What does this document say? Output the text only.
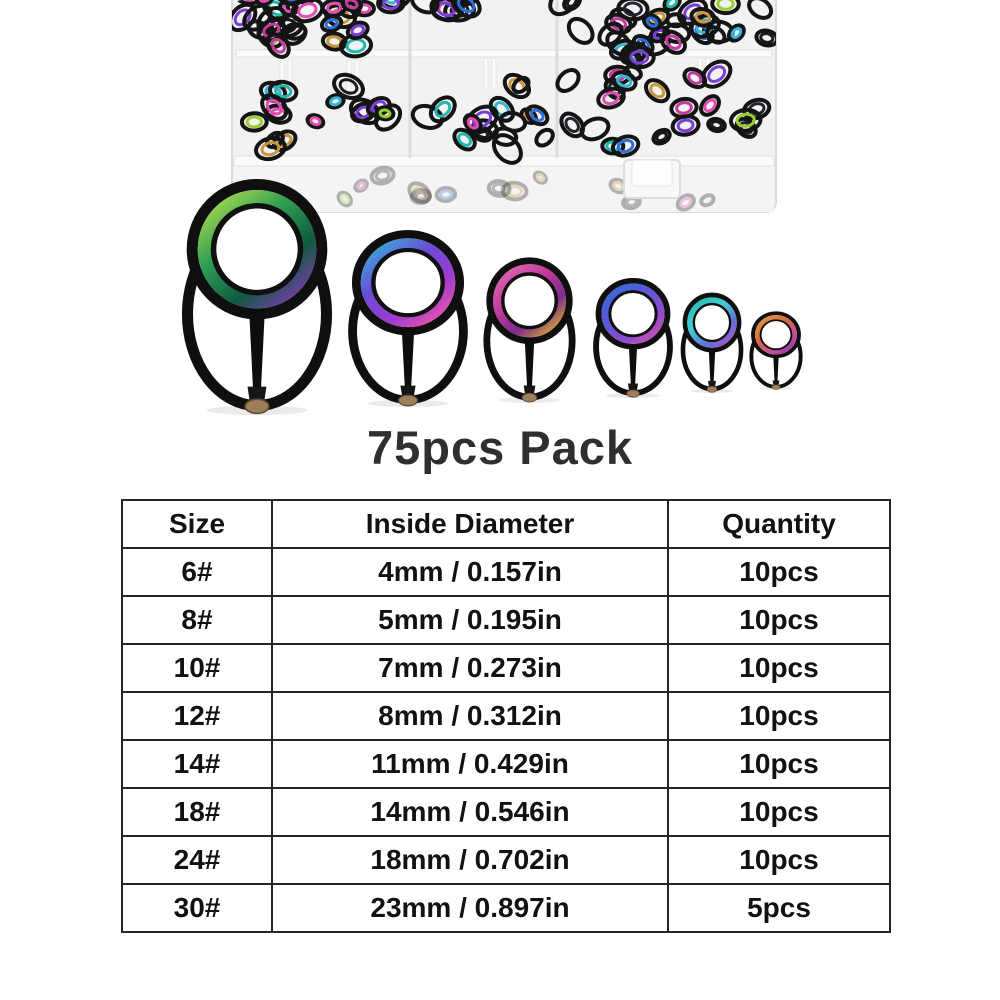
75pcs Pack
Size	Inside Diameter	Quantity
6#	4mm / 0.157in	10pcs
8#	5mm / 0.195in	10pcs
10#	7mm / 0.273in	10pcs
12#	8mm / 0.312in	10pcs
14#	11mm / 0.429in	10pcs
18#	14mm / 0.546in	10pcs
24#	18mm / 0.702in	10pcs
30#	23mm / 0.897in	5pcs
